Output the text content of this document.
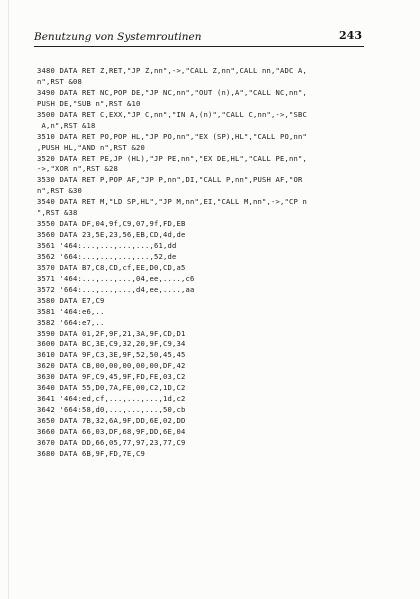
Benutzung von Systemroutinen	243
3480 DATA RET Z,RET,"JP Z,nn",->,"CALL Z,nn",CALL nn,"ADC A,
n",RST &08
3490 DATA RET NC,POP DE,"JP NC,nn","OUT (n),A","CALL NC,nn",
PUSH DE,"SUB n",RST &10
3500 DATA RET C,EXX,"JP C,nn","IN A,(n)","CALL C,nn",->,"SBC
A,n",RST &18
3510 DATA RET PO,POP HL,"JP PO,nn","EX (SP),HL","CALL PO,nn"
,PUSH HL,"AND n",RST &20
3520 DATA RET PE,JP (HL),"JP PE,nn","EX DE,HL","CALL PE,nn",
->,"XOR n",RST &28
3530 DATA RET P,POP AF,"JP P,nn",DI,"CALL P,nn",PUSH AF,"OR
n",RST &30
3540 DATA RET M,"LD SP,HL","JP M,nn",EI,"CALL M,nn",->,"CP n
",RST &38
3550 DATA DF,04,9f,C9,07,9f,FD,EB
3560 DATA 23,5E,23,56,EB,CD,4d,de
3561 '464:...,...,...,...,61,dd
3562 '664:...,...,...,...,52,de
3570 DATA B7,C8,CD,cf,EE,D0,CD,a5
3571 '464:...,...,...,04,ee,....,c6
3572 '664:...,...,...,d4,ee,....,aa
3580 DATA E7,C9
3581 '464:e6,..
3582 '664:e7,..
3590 DATA 01,2F,9F,21,3A,9F,CD,D1
3600 DATA BC,3E,C9,32,20,9F,C9,34
3610 DATA 9F,C3,3E,9F,52,50,45,45
3620 DATA CB,00,00,00,00,00,DF,42
3630 DATA 9F,C9,45,9F,FD,FE,03,C2
3640 DATA 55,D0,7A,FE,00,C2,1D,C2
3641 '464:ed,cf,...,...,...,1d,c2
3642 '664:58,d0,...,...,...,50,cb
3650 DATA 7B,32,6A,9F,DD,6E,02,DD
3660 DATA 66,03,DF,68,9F,DD,6E,04
3670 DATA DD,66,05,77,97,23,77,C9
3680 DATA 6B,9F,FD,7E,C9
